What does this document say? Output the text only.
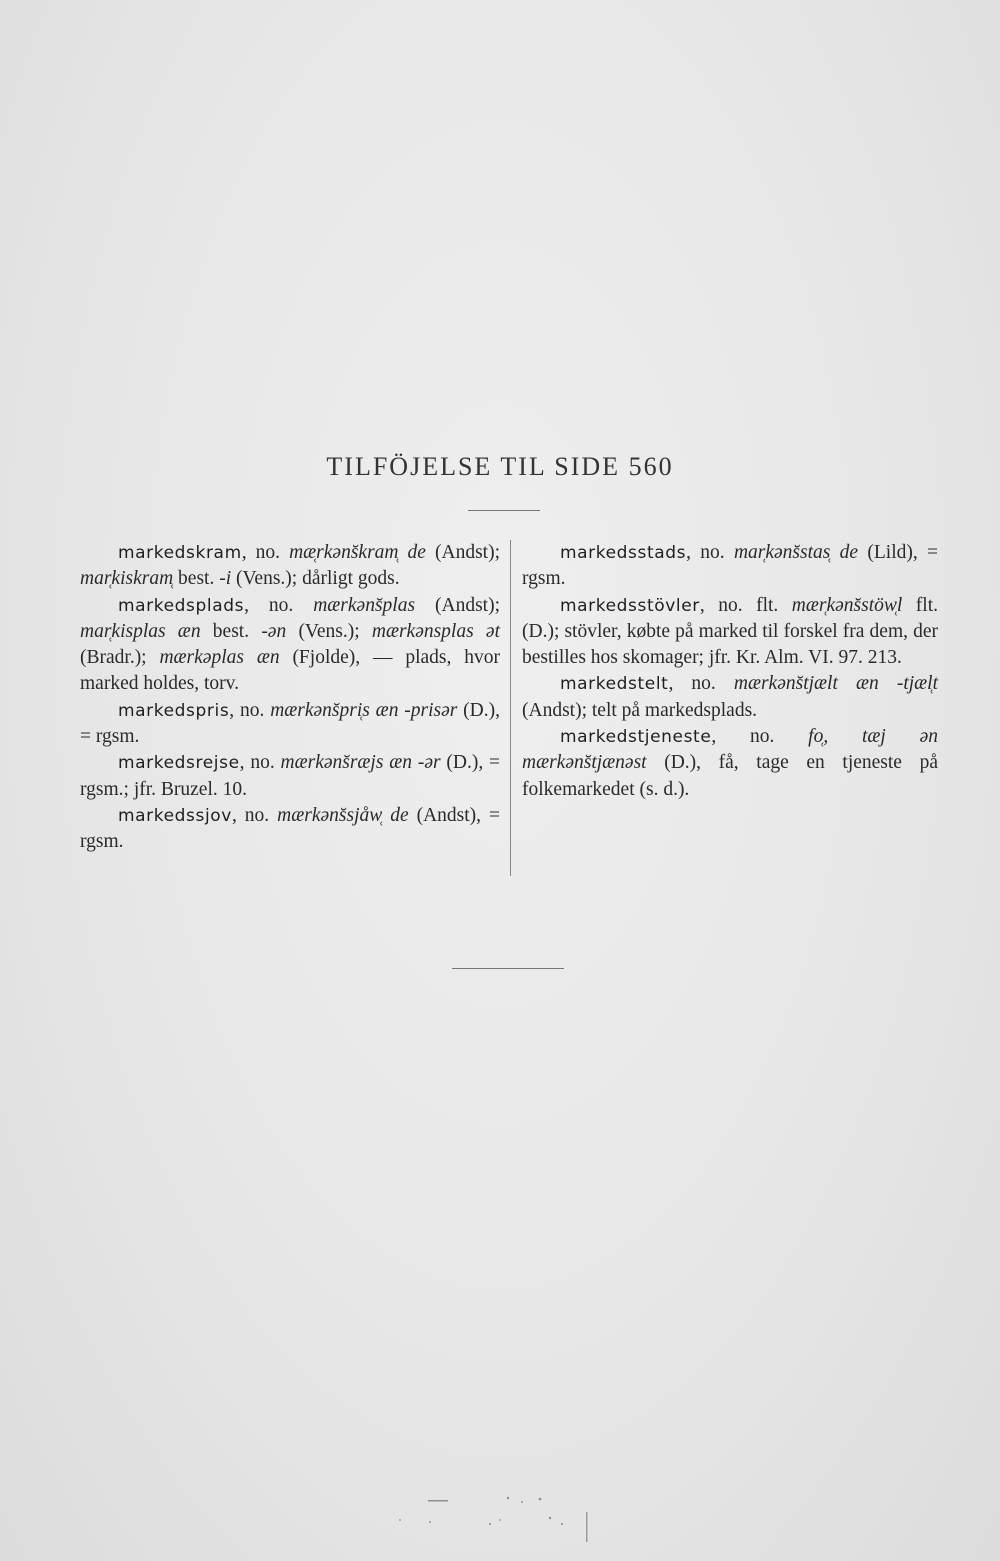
TILFÖJELSE TIL SIDE 560

markedskram, no. mæ̜rkəns̆kram̜ de (Andst); mar̜kiskram̜ best. -i (Vens.); dårligt gods.

markedsplads, no. mærkəns̆plas (Andst); mar̜kisplas æn best. -ən (Vens.); mærkənsplas ət (Bradr.); mærkəplas æn (Fjolde), — plads, hvor marked holdes, torv.

markedspris, no. mærkəns̆pri̜s æn -prisər (D.), = rgsm.

markedsrejse, no. mærkəns̆ræjs æn -ər (D.), = rgsm.; jfr. Bruzel. 10.

markedssjov, no. mærkəns̆sjåw̜ de (Andst), = rgsm.

markedsstads, no. mar̜kəns̆stas̜ de (Lild), = rgsm.

markedsstövler, no. flt. mær̜kəns̆stöw̜l flt. (D.); stövler, købte på marked til forskel fra dem, der bestilles hos skomager; jfr. Kr. Alm. VI. 97. 213.

markedstelt, no. mærkəns̆tjælt æn -tjæl̜t (Andst); telt på markedsplads.

markedstjeneste, no. fo̜, tæj ən mærkəns̆tjænəst (D.), få, tage en tjeneste på folkemarkedet (s. d.).
